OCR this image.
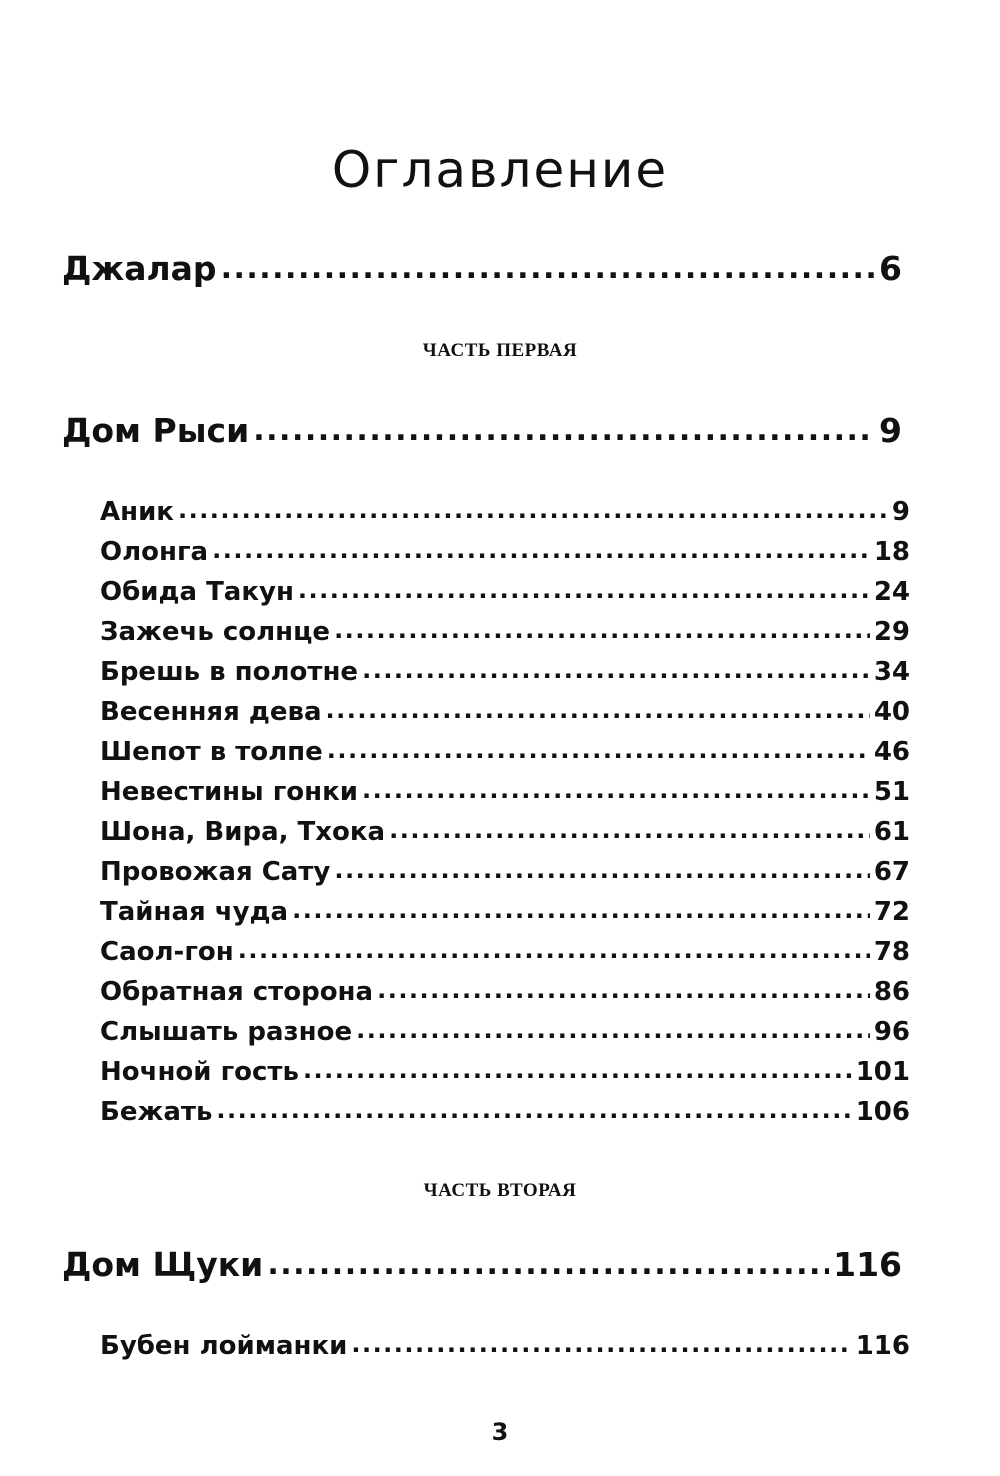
Оглавление
Джалар .....	6
ЧАСТЬ ПЕРВАЯ
Дом Рыси .....	9
Аник .....	9
Олонга .....	18
Обида Такун .....	24
Зажечь солнце .....	29
Брешь в полотне .....	34
Весенняя дева .....	40
Шепот в толпе .....	46
Невестины гонки .....	51
Шона, Вира, Тхока .....	61
Провожая Сату .....	67
Тайная чуда .....	72
Саол-гон .....	78
Обратная сторона .....	86
Слышать разное .....	96
Ночной гость .....	101
Бежать .....	106
ЧАСТЬ ВТОРАЯ
Дом Щуки .....	116
Бубен лойманки .....	116
3
